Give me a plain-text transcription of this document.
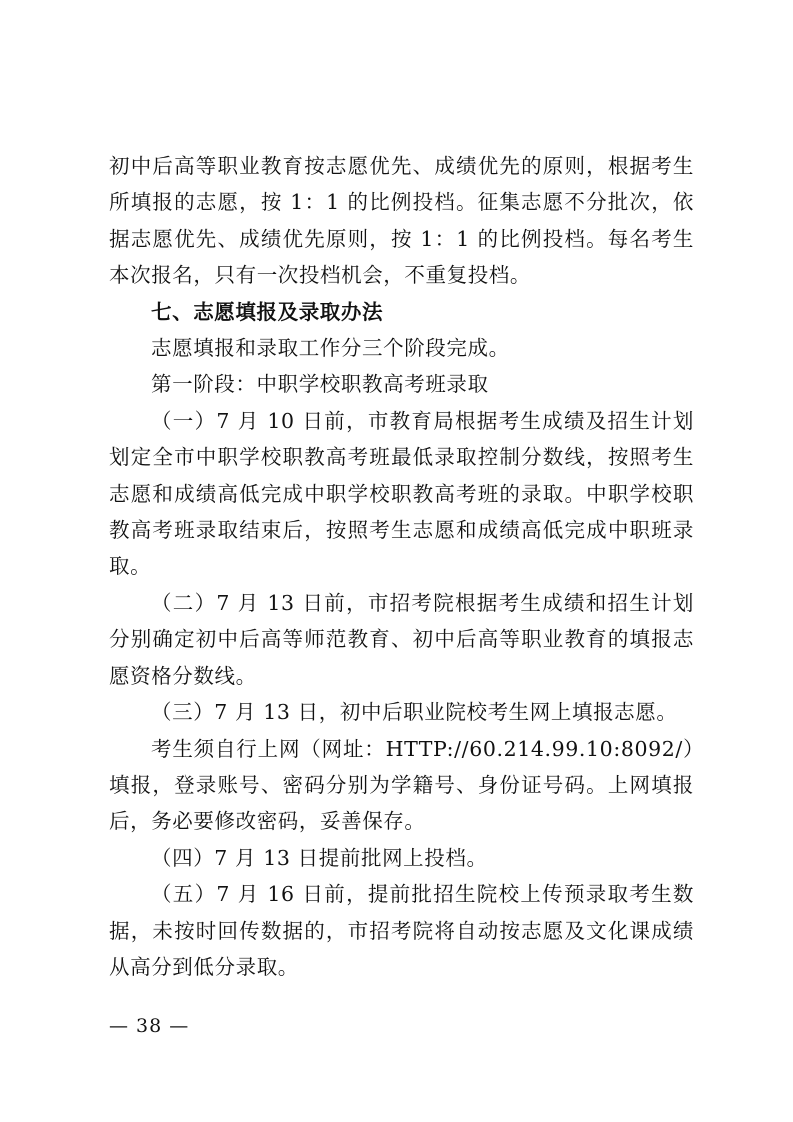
初中后高等职业教育按志愿优先、成绩优先的原则，根据考生所填报的志愿，按 1：1 的比例投档。征集志愿不分批次，依据志愿优先、成绩优先原则，按 1：1 的比例投档。每名考生本次报名，只有一次投档机会，不重复投档。

七、志愿填报及录取办法

志愿填报和录取工作分三个阶段完成。

第一阶段：中职学校职教高考班录取

（一）7 月 10 日前，市教育局根据考生成绩及招生计划划定全市中职学校职教高考班最低录取控制分数线，按照考生志愿和成绩高低完成中职学校职教高考班的录取。中职学校职教高考班录取结束后，按照考生志愿和成绩高低完成中职班录取。

（二）7 月 13 日前，市招考院根据考生成绩和招生计划分别确定初中后高等师范教育、初中后高等职业教育的填报志愿资格分数线。

（三）7 月 13 日，初中后职业院校考生网上填报志愿。

考生须自行上网（网址：HTTP://60.214.99.10:8092/）填报，登录账号、密码分别为学籍号、身份证号码。上网填报后，务必要修改密码，妥善保存。

（四）7 月 13 日提前批网上投档。

（五）7 月 16 日前，提前批招生院校上传预录取考生数据，未按时回传数据的，市招考院将自动按志愿及文化课成绩从高分到低分录取。

— 38 —
